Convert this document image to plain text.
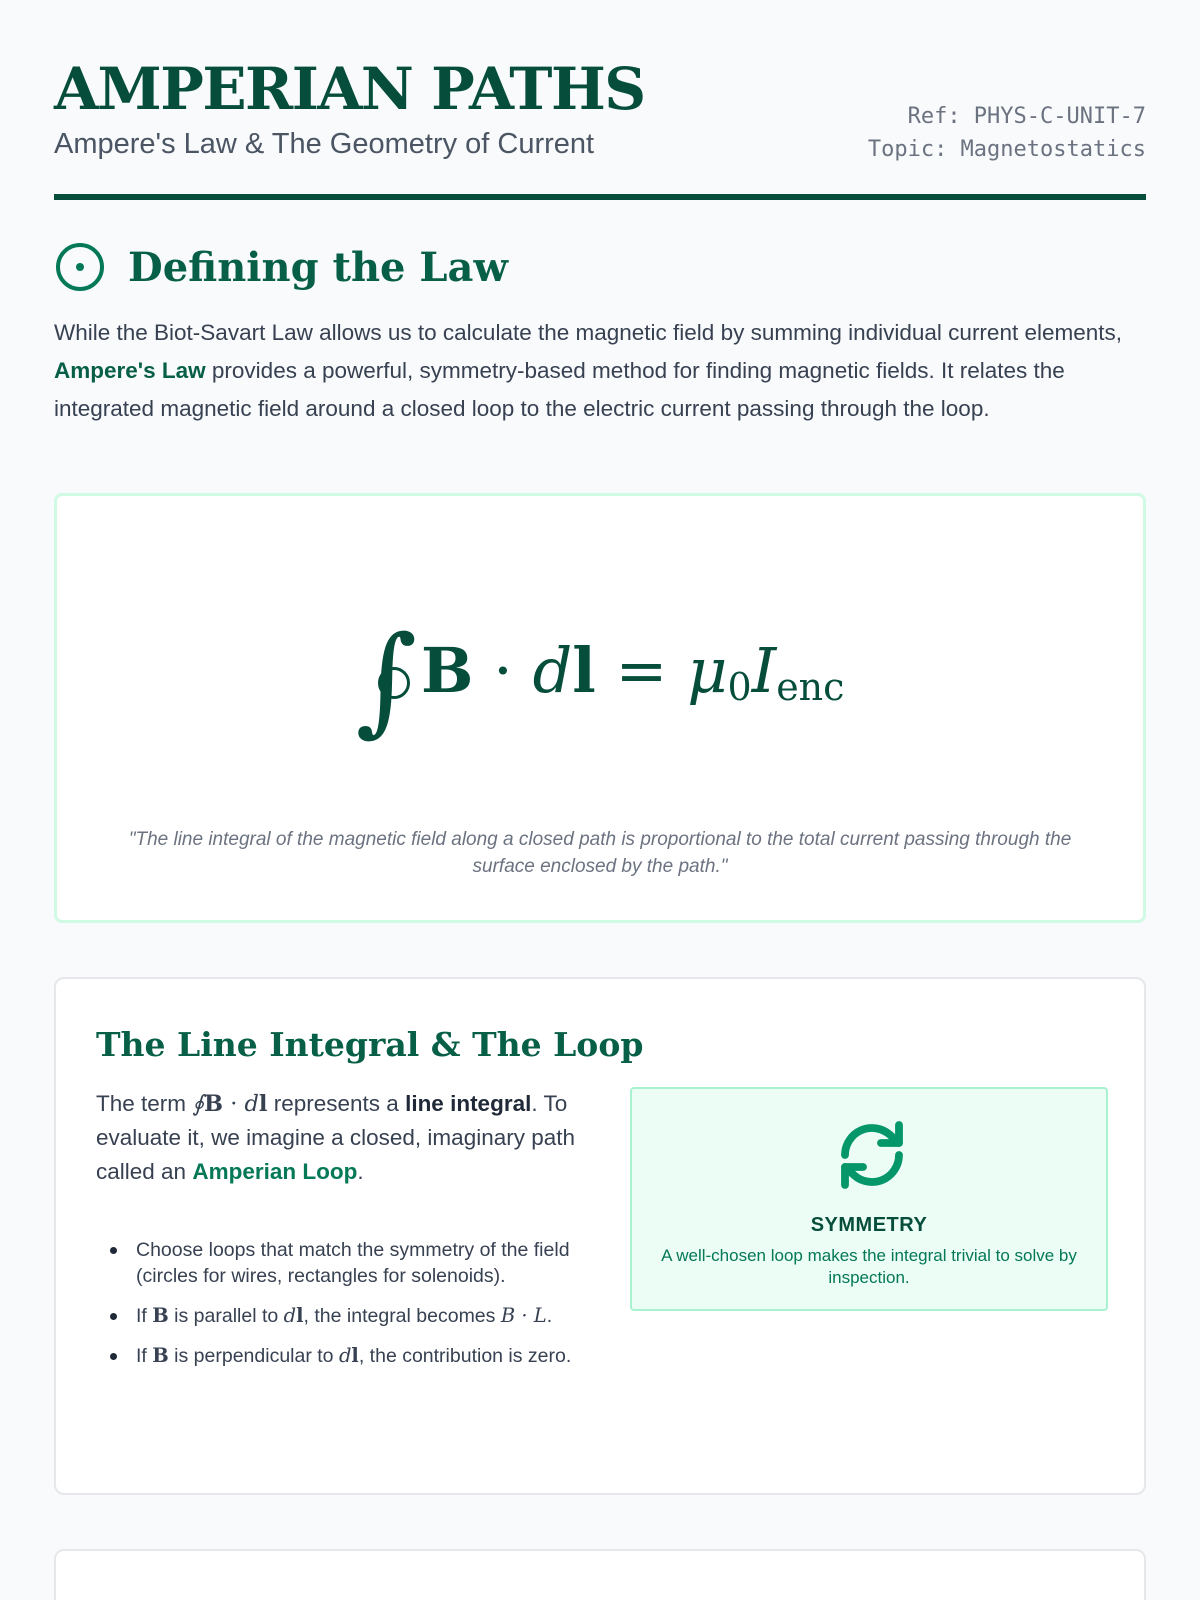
AMPERIAN PATHS
Ampere's Law & The Geometry of Current
Ref: PHYS-C-UNIT-7
Topic: Magnetostatics
Defining the Law

While the Biot-Savart Law allows us to calculate the magnetic field by summing individual current elements, Ampere's Law provides a powerful, symmetry-based method for finding magnetic fields. It relates the integrated magnetic field around a closed loop to the electric current passing through the loop.

∫B · dl = $\mu_0I_{enc}$

"The line integral of the magnetic field along a closed path is proportional to the total current passing through the surface enclosed by the path."

The Line Integral & The Loop

The term ∮B · dl represents a line integral. To evaluate it, we imagine a closed, imaginary path called an Amperian Loop.

Choose loops that match the symmetry of the field (circles for wires, rectangles for solenoids).
If B is parallel to dl, the integral becomes B · L.
If B is perpendicular to dl, the contribution is zero.
SYMMETRY
A well-chosen loop makes the integral trivial to solve by inspection.
